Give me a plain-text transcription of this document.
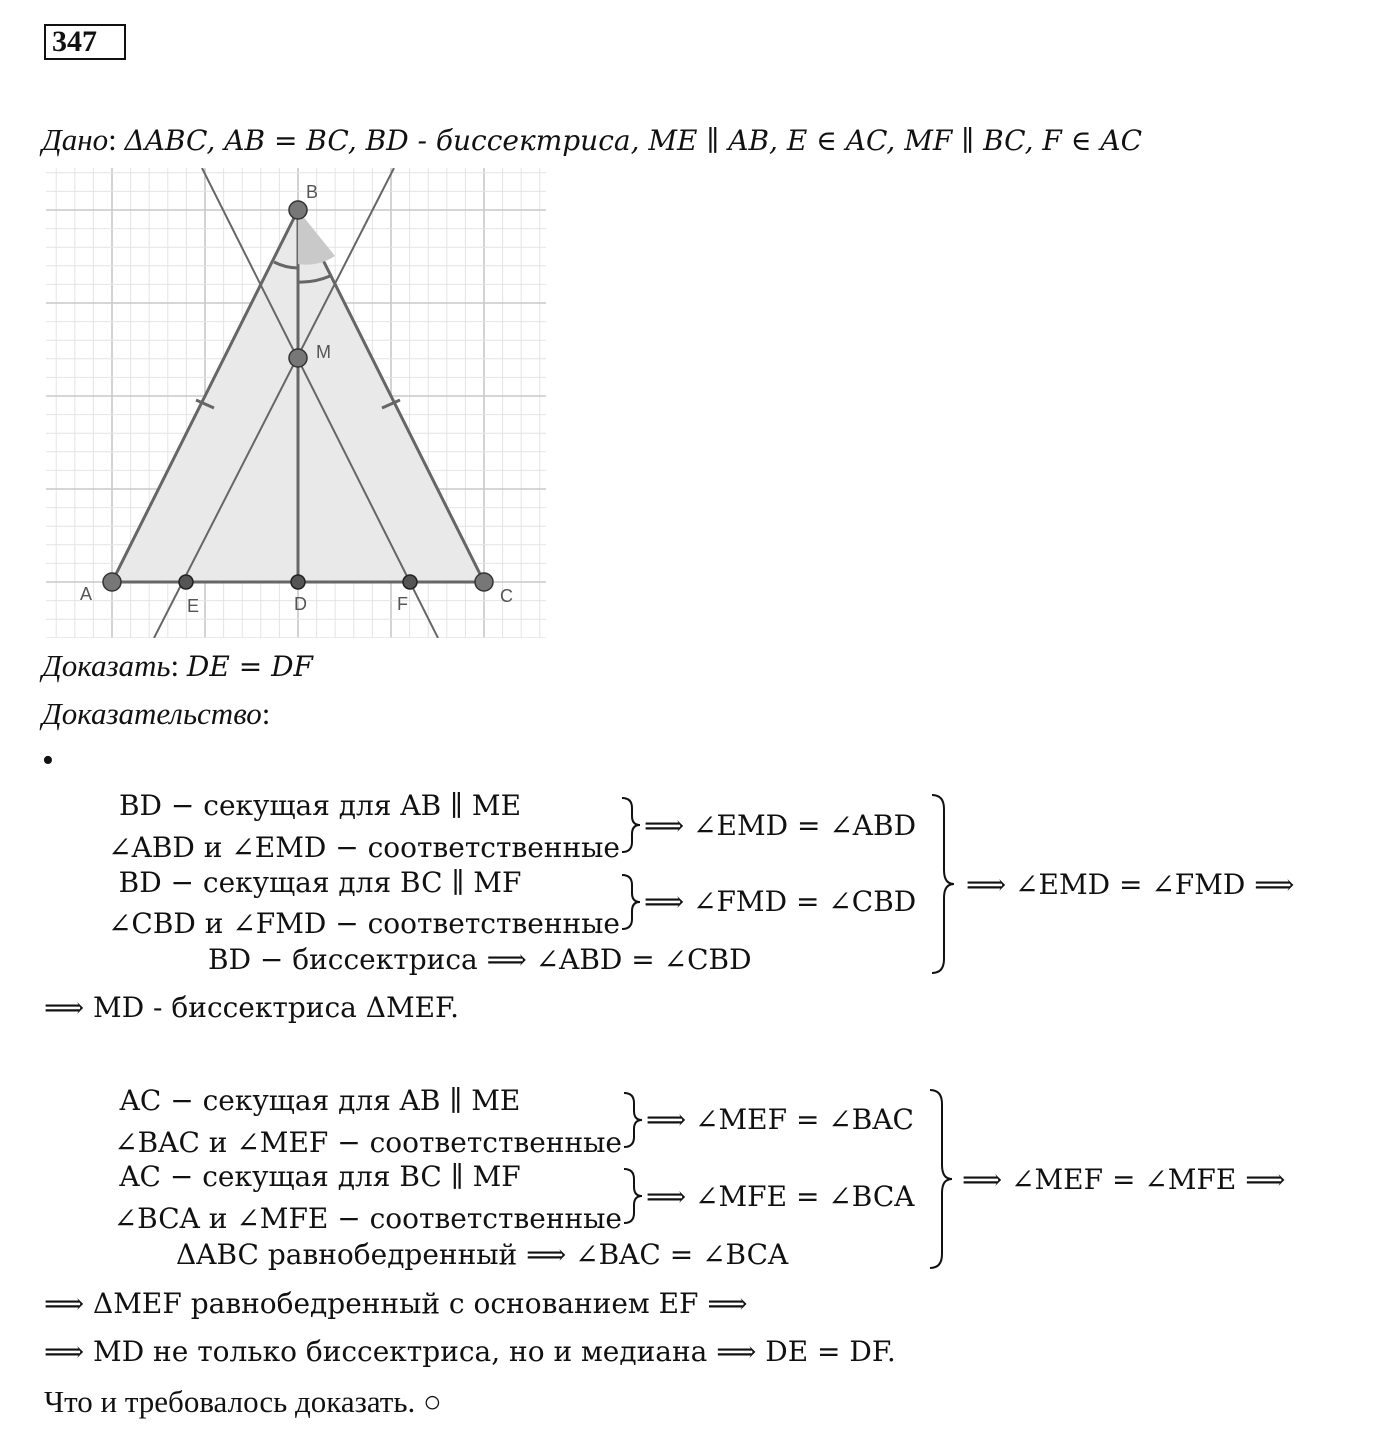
347
Дано: ΔABC, AB = BC, BD - биссектриса, ME ∥ AB, E ∈ AC, MF ∥ BC, F ∈ AC
A
B
C
D
E	F
M
Доказать: DE = DF
Доказательство:
•
BD − секущая для AB ∥ ME
∠ABD и ∠EMD − соответственные
⟹ ∠EMD = ∠ABD
BD − секущая для BC ∥ MF
∠CBD и ∠FMD − соответственные
⟹ ∠FMD = ∠CBD
BD − биссектриса ⟹ ∠ABD = ∠CBD
⟹ ∠EMD = ∠FMD ⟹
⟹ MD - биссектриса ΔMEF.
AC − секущая для AB ∥ ME
∠BAC и ∠MEF − соответственные
⟹ ∠MEF = ∠BAC
AC − секущая для BC ∥ MF
∠BCA и ∠MFE − соответственные
⟹ ∠MFE = ∠BCA
ΔABC равнобедренный ⟹ ∠BAC = ∠BCA
⟹ ∠MEF = ∠MFE ⟹
⟹ ΔMEF равнобедренный с основанием EF ⟹
⟹ MD не только биссектриса, но и медиана ⟹ DE = DF.
Что и требовалось доказать. ○
